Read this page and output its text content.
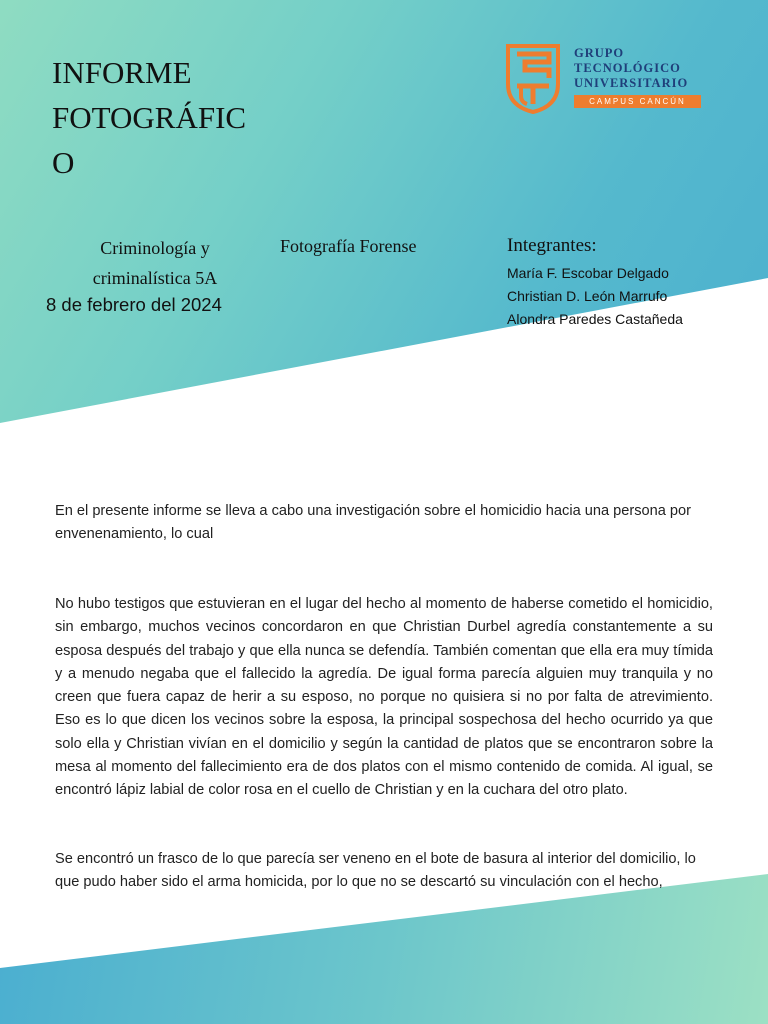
INFORME
FOTOGRÁFIC
O
GRUPO
TECNOLÓGICO
UNIVERSITARIO
CAMPUS CANCÚN
Criminología y
criminalística 5A
8 de febrero del 2024
Fotografía Forense	Integrantes:
María F. Escobar Delgado
Christian D. León Marrufo
Alondra Paredes Castañeda
En el presente informe se lleva a cabo una investigación sobre el homicidio hacia una persona por envenenamiento, lo cual
No hubo testigos que estuvieran en el lugar del hecho al momento de haberse cometido el homicidio, sin embargo, muchos vecinos concordaron en que Christian Durbel agredía constantemente a su esposa después del trabajo y que ella nunca se defendía. También comentan que ella era muy tímida y a menudo negaba que el fallecido la agredía. De igual forma parecía alguien muy tranquila y no creen que fuera capaz de herir a su esposo, no porque no quisiera si no por falta de atrevimiento. Eso es lo que dicen los vecinos sobre la esposa, la principal sospechosa del hecho ocurrido ya que solo ella y Christian vivían en el domicilio y según la cantidad de platos que se encontraron sobre la mesa al momento del fallecimiento era de dos platos con el mismo contenido de comida. Al igual, se encontró lápiz labial de color rosa en el cuello de Christian y en la cuchara del otro plato.
Se encontró un frasco de lo que parecía ser veneno en el bote de basura al interior del domicilio, lo que pudo haber sido el arma homicida, por lo que no se descartó su vinculación con el hecho,
